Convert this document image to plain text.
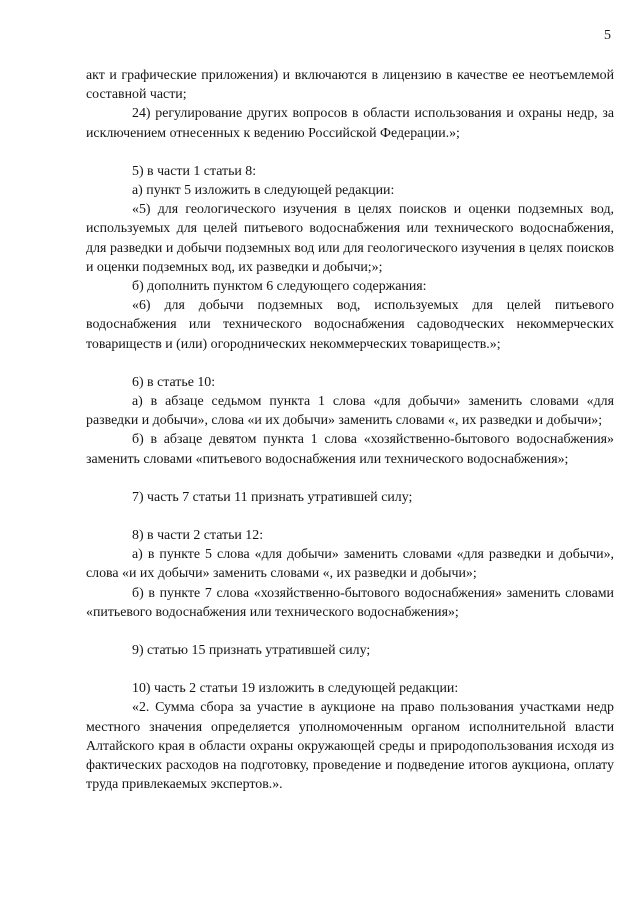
5

акт и графические приложения) и включаются в лицензию в качестве ее неотъемлемой составной части;

24) регулирование других вопросов в области использования и охраны недр, за исключением отнесенных к ведению Российской Федерации.»;

5) в части 1 статьи 8:

а) пункт 5 изложить в следующей редакции:

«5) для геологического изучения в целях поисков и оценки подземных вод, используемых для целей питьевого водоснабжения или технического водоснабжения, для разведки и добычи подземных вод или для геологического изучения в целях поисков и оценки подземных вод, их разведки и добычи;»;

б) дополнить пунктом 6 следующего содержания:

«6) для добычи подземных вод, используемых для целей питьевого водоснабжения или технического водоснабжения садоводческих некоммерческих товариществ и (или) огороднических некоммерческих товариществ.»;

6) в статье 10:

а) в абзаце седьмом пункта 1 слова «для добычи» заменить словами «для разведки и добычи», слова «и их добычи» заменить словами «, их разведки и добычи»;

б) в абзаце девятом пункта 1 слова «хозяйственно-бытового водоснабжения» заменить словами «питьевого водоснабжения или технического водоснабжения»;

7) часть 7 статьи 11 признать утратившей силу;

8) в части 2 статьи 12:

а) в пункте 5 слова «для добычи» заменить словами «для разведки и добычи», слова «и их добычи» заменить словами «, их разведки и добычи»;

б) в пункте 7 слова «хозяйственно-бытового водоснабжения» заменить словами «питьевого водоснабжения или технического водоснабжения»;

9) статью 15 признать утратившей силу;

10) часть 2 статьи 19 изложить в следующей редакции:

«2. Сумма сбора за участие в аукционе на право пользования участками недр местного значения определяется уполномоченным органом исполнительной власти Алтайского края в области охраны окружающей среды и природопользования исходя из фактических расходов на подготовку, проведение и подведение итогов аукциона, оплату труда привлекаемых экспертов.».
